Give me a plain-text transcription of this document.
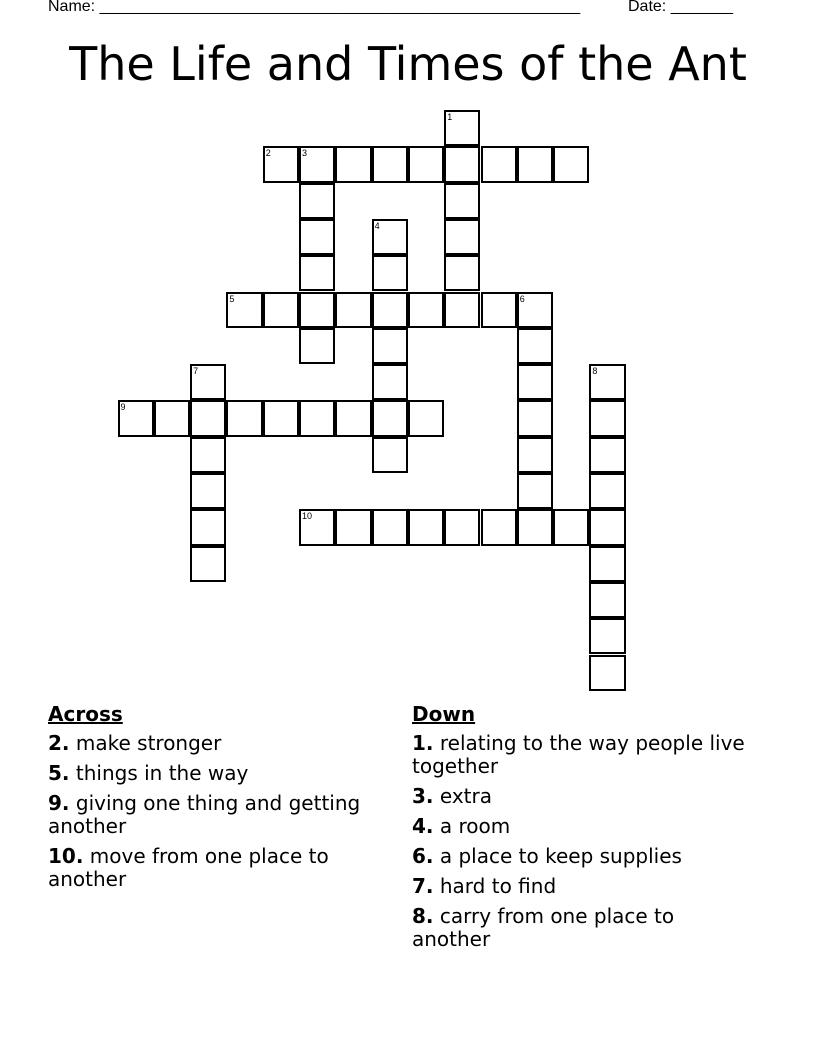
Name: ______________________________________________________	Date: _______
The Life and Times of the Ant
2	3
5	6
9
10
1
4
7	8
Across
2. make stronger
5. things in the way
9. giving one thing and getting another
10. move from one place to another
Down
1. relating to the way people live together
3. extra
4. a room
6. a place to keep supplies
7. hard to find
8. carry from one place to another
